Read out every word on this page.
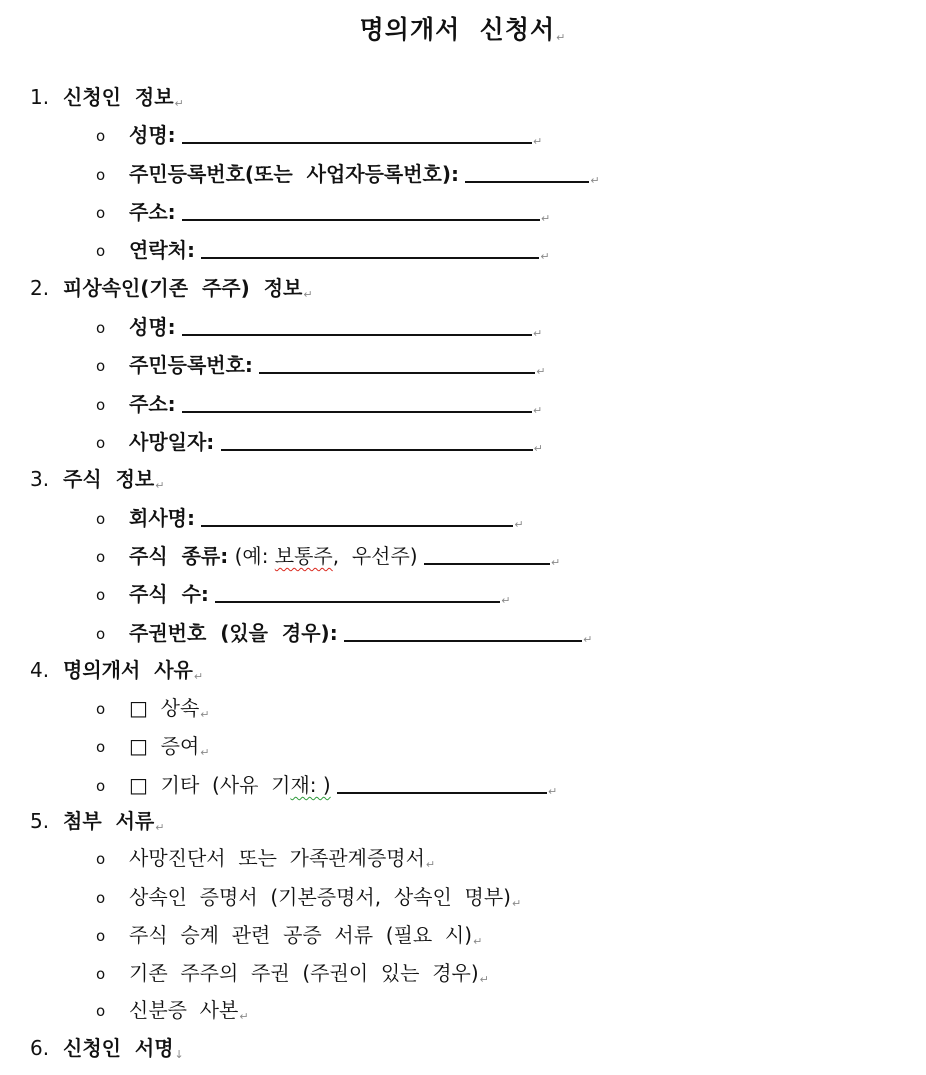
명의개서  신청서↵
1. 신청인  정보↵
o 성명:	↵
o 주민등록번호(또는  사업자등록번호):	↵
o 주소:	↵
o 연락처:	↵
2. 피상속인(기존  주주)  정보↵
o 성명:	↵
o 주민등록번호:	↵
o 주소:	↵
o 사망일자:	↵
3. 주식  정보↵
o 회사명:	↵
o 주식  종류: (예: 보통주,  우선주)	↵
o 주식  수:	↵
o 주권번호  (있을  경우):	↵
4. 명의개서  사유↵
o □ 상속↵
o □ 증여↵
o □ 기타  (사유  기재: )	↵
5. 첨부  서류↵
o 사망진단서  또는  가족관계증명서↵
o 상속인  증명서  (기본증명서,  상속인  명부)↵
o 주식  승계  관련  공증  서류  (필요  시)↵
o 기존  주주의  주권  (주권이  있는  경우)↵
o 신분증  사본↵
6. 신청인  서명↓
